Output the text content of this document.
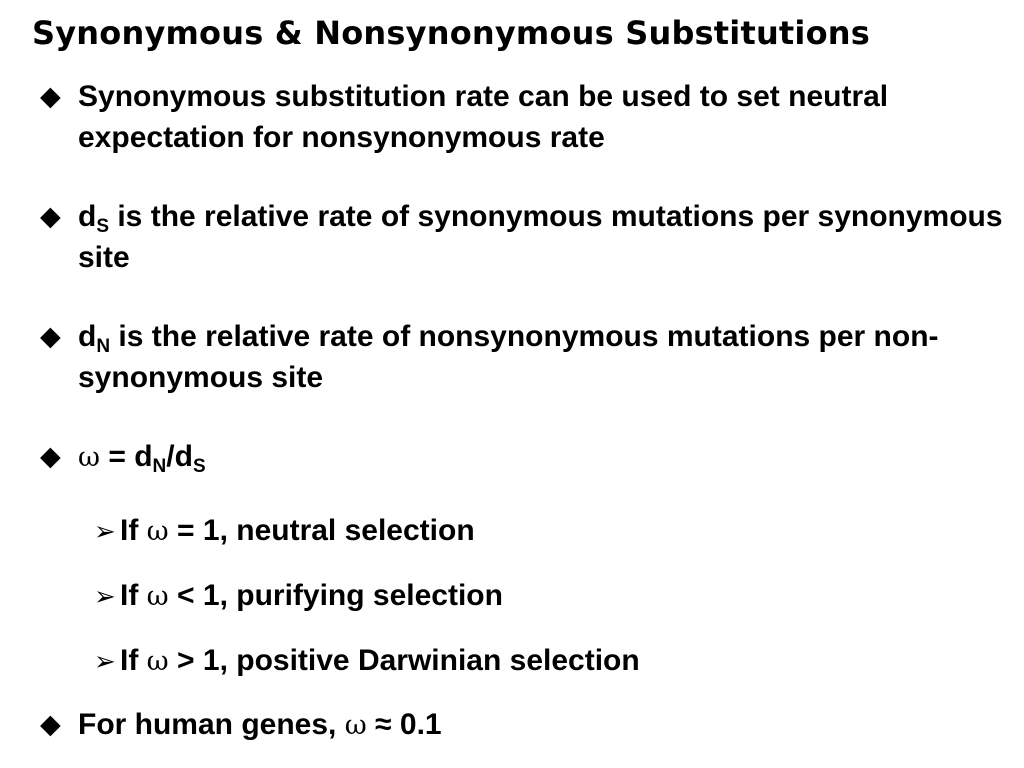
Synonymous & Nonsynonymous Substitutions
◆ Synonymous substitution rate can be used to set neutral expectation for nonsynonymous rate
◆ $d_S$ is the relative rate of synonymous mutations per synonymous site
◆ $d_N$ is the relative rate of nonsynonymous mutations per non-synonymous site
◆ $\omega = d_N/d_S$
➢ If ω = 1, neutral selection
➢ If ω < 1, purifying selection
➢ If ω > 1, positive Darwinian selection
◆ For human genes, ω ≈ 0.1
